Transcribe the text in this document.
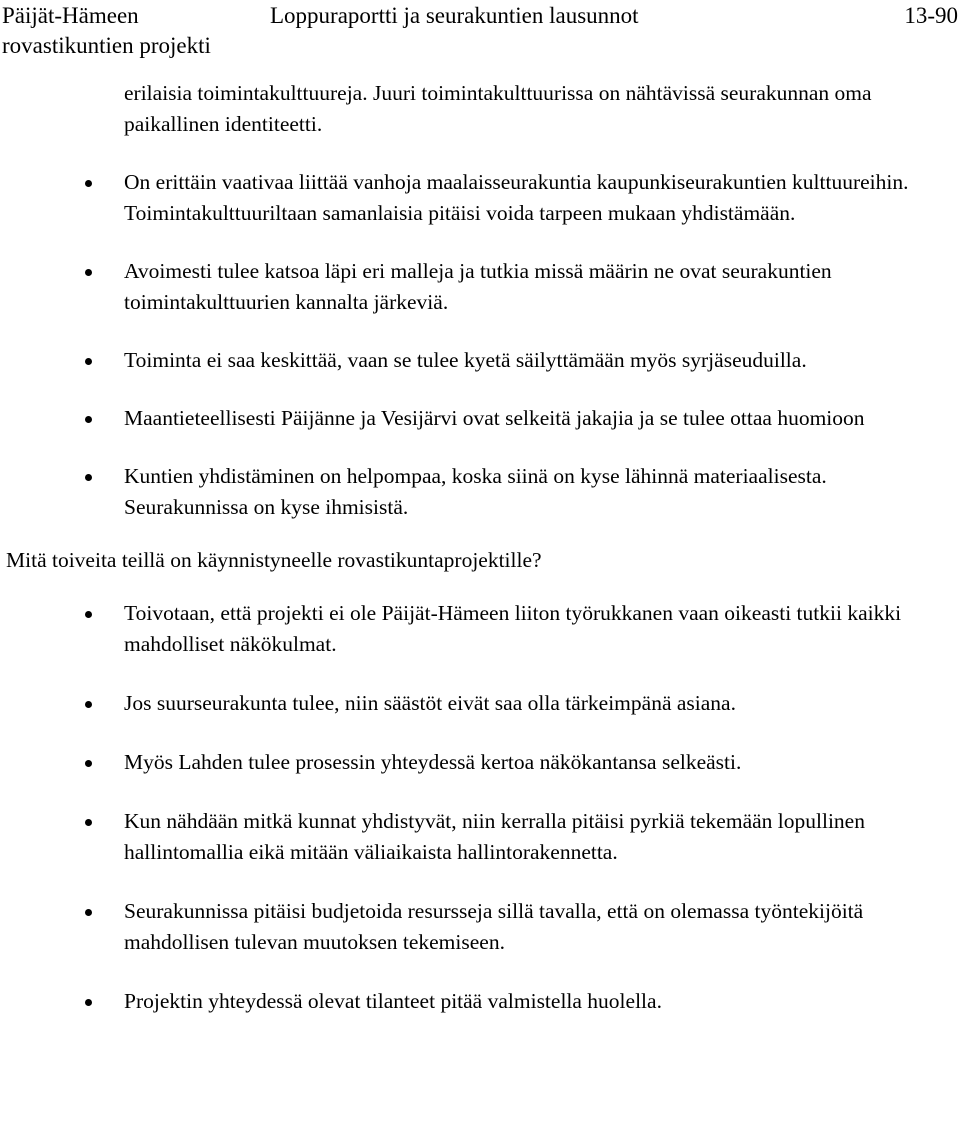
Päijät-Hämeen
rovastikuntien projekti
Loppuraportti ja seurakuntien lausunnot	13-90

erilaisia toimintakulttuureja. Juuri toimintakulttuurissa on nähtävissä seurakunnan oma paikallinen identiteetti.

On erittäin vaativaa liittää vanhoja maalaisseurakuntia kaupunkiseurakuntien kulttuureihin. Toimintakulttuuriltaan samanlaisia pitäisi voida tarpeen mukaan yhdistämään.
Avoimesti tulee katsoa läpi eri malleja ja tutkia missä määrin ne ovat seurakuntien toimintakulttuurien kannalta järkeviä.
Toiminta ei saa keskittää, vaan se tulee kyetä säilyttämään myös syrjäseuduilla.
Maantieteellisesti Päijänne ja Vesijärvi ovat selkeitä jakajia ja se tulee ottaa huomioon
Kuntien yhdistäminen on helpompaa, koska siinä on kyse lähinnä materiaalisesta. Seurakunnissa on kyse ihmisistä.

Mitä toiveita teillä on käynnistyneelle rovastikuntaprojektille?

Toivotaan, että projekti ei ole Päijät-Hämeen liiton työrukkanen vaan oikeasti tutkii kaikki mahdolliset näkökulmat.
Jos suurseurakunta tulee, niin säästöt eivät saa olla tärkeimpänä asiana.
Myös Lahden tulee prosessin yhteydessä kertoa näkökantansa selkeästi.
Kun nähdään mitkä kunnat yhdistyvät, niin kerralla pitäisi pyrkiä tekemään lopullinen hallintomallia eikä mitään väliaikaista hallintorakennetta.
Seurakunnissa pitäisi budjetoida resursseja sillä tavalla, että on olemassa työntekijöitä mahdollisen tulevan muutoksen tekemiseen.
Projektin yhteydessä olevat tilanteet pitää valmistella huolella.
